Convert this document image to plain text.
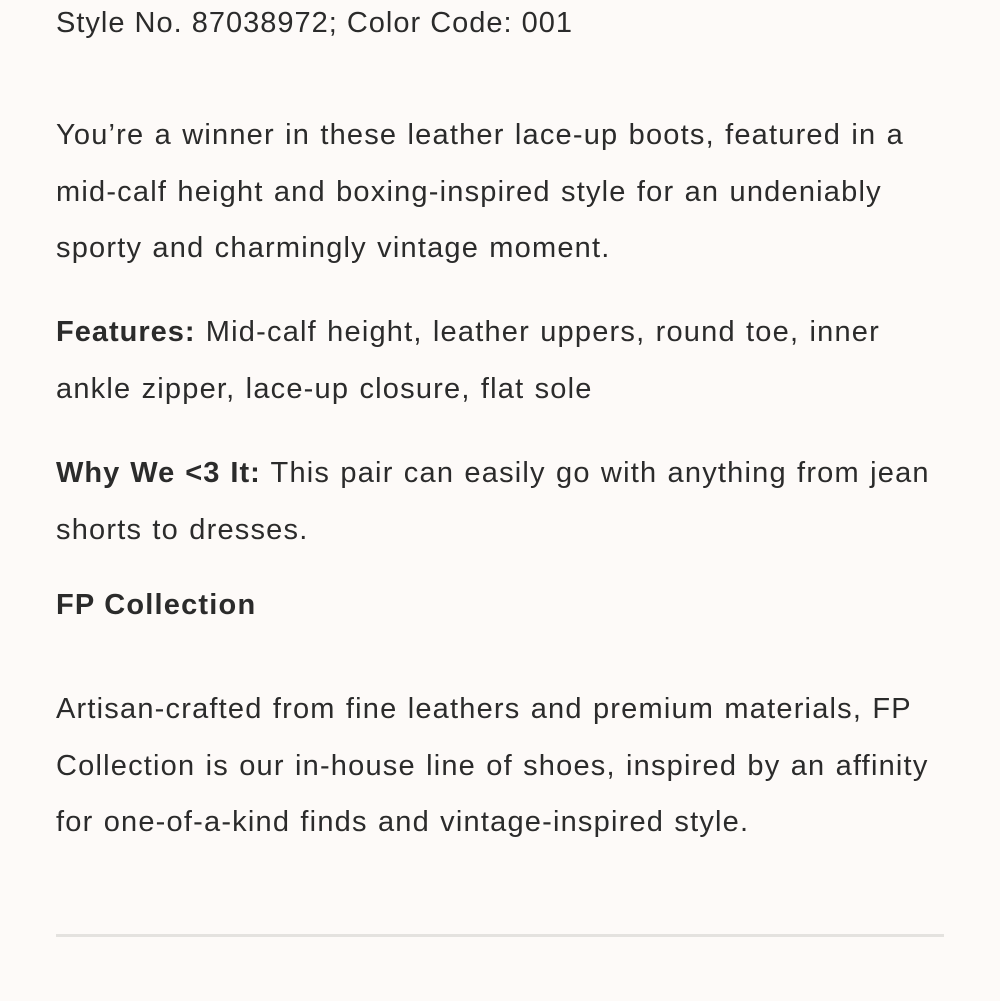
Style No. 87038972; Color Code: 001

You’re a winner in these leather lace-up boots, featured in a mid-calf height and boxing-inspired style for an undeniably sporty and charmingly vintage moment.

Features: Mid-calf height, leather uppers, round toe, inner ankle zipper, lace-up closure, flat sole

Why We <3 It: This pair can easily go with anything from jean shorts to dresses.

FP Collection

Artisan-crafted from fine leathers and premium materials, FP Collection is our in-house line of shoes, inspired by an affinity for one-of-a-kind finds and vintage-inspired style.
